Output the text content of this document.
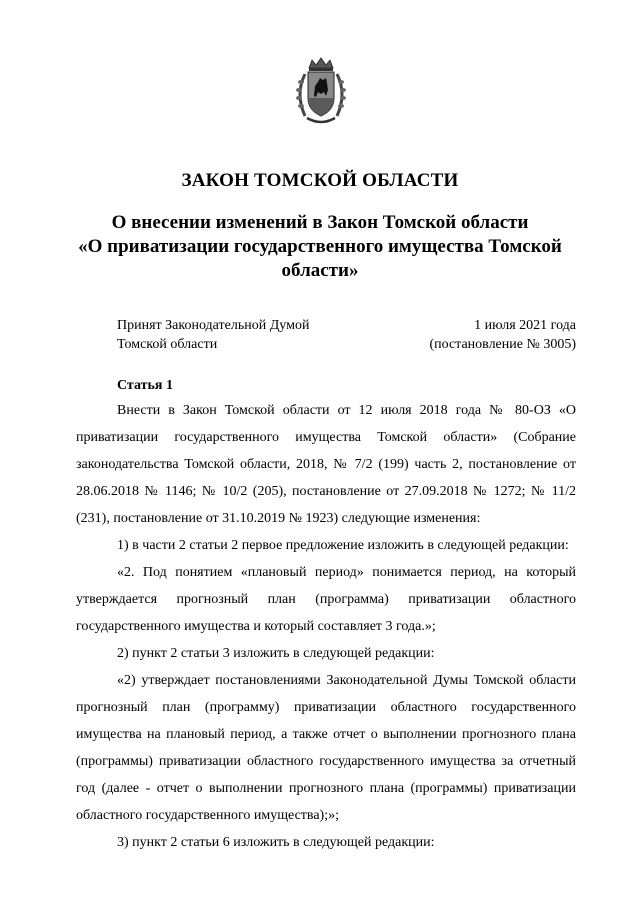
ЗАКОН ТОМСКОЙ ОБЛАСТИ
О внесении изменений в Закон Томской области
«О приватизации государственного имущества Томской
области»
Принят Законодательной Думой
Томской области
1 июля 2021 года
(постановление № 3005)
Статья 1

Внести в Закон Томской области от 12 июля 2018 года № 80-ОЗ «О приватизации государственного имущества Томской области» (Собрание законодательства Томской области, 2018, № 7/2 (199) часть 2, постановление от 28.06.2018 № 1146; № 10/2 (205), постановление от 27.09.2018 № 1272; № 11/2 (231), постановление от 31.10.2019 № 1923) следующие изменения:

1) в части 2 статьи 2 первое предложение изложить в следующей редакции:

«2. Под понятием «плановый период» понимается период, на который утверждается прогнозный план (программа) приватизации областного государственного имущества и который составляет 3 года.»;

2) пункт 2 статьи 3 изложить в следующей редакции:

«2) утверждает постановлениями Законодательной Думы Томской области прогнозный план (программу) приватизации областного государственного имущества на плановый период, а также отчет о выполнении прогнозного плана (программы) приватизации областного государственного имущества за отчетный год (далее - отчет о выполнении прогнозного плана (программы) приватизации областного государственного имущества);»;

3) пункт 2 статьи 6 изложить в следующей редакции:
